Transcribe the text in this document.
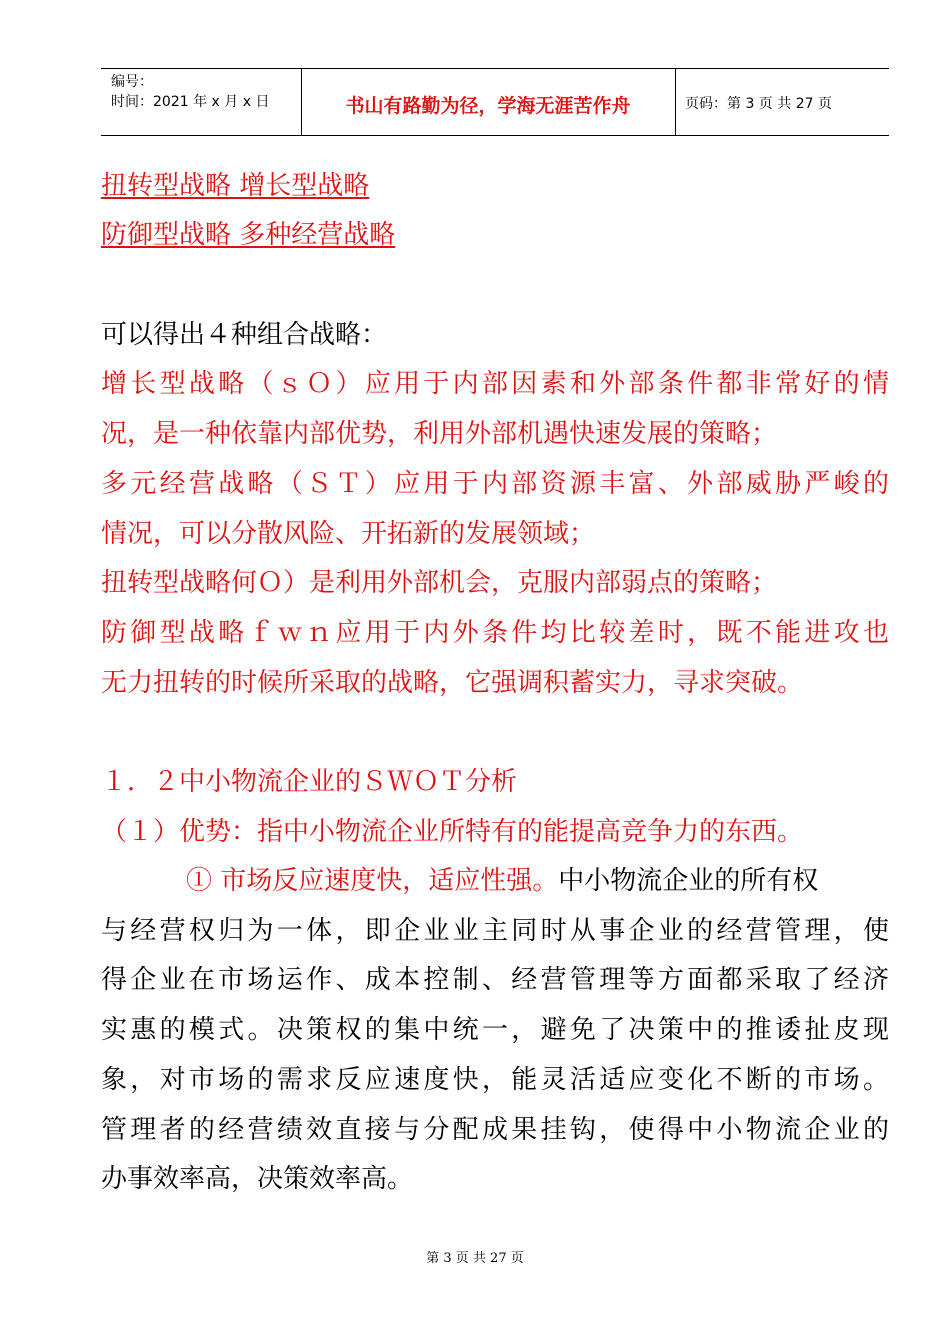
编号：
时间：2021 年 x 月 x 日	书山有路勤为径，学海无涯苦作舟	页码：第 3 页 共 27 页
扭转型战略 增长型战略
防御型战略 多种经营战略
可以得出４种组合战略：
增长型战略（ｓＯ）应用于内部因素和外部条件都非常好的情
况，是一种依靠内部优势，利用外部机遇快速发展的策略；
多元经营战略（ＳＴ）应用于内部资源丰富、外部威胁严峻的
情况，可以分散风险、开拓新的发展领域；
扭转型战略何Ｏ）是利用外部机会，克服内部弱点的策略；
防御型战略ｆｗｎ应用于内外条件均比较差时，既不能进攻也
无力扭转的时候所采取的战略，它强调积蓄实力，寻求突破。
１．２中小物流企业的ＳＷＯＴ分析
（１）优势：指中小物流企业所特有的能提高竞争力的东西。
① 市场反应速度快，适应性强。中小物流企业的所有权
与经营权归为一体，即企业业主同时从事企业的经营管理，使
得企业在市场运作、成本控制、经营管理等方面都采取了经济
实惠的模式。决策权的集中统一，避免了决策中的推诿扯皮现
象，对市场的需求反应速度快，能灵活适应变化不断的市场。
管理者的经营绩效直接与分配成果挂钩，使得中小物流企业的
办事效率高，决策效率高。
第 3 页 共 27 页
